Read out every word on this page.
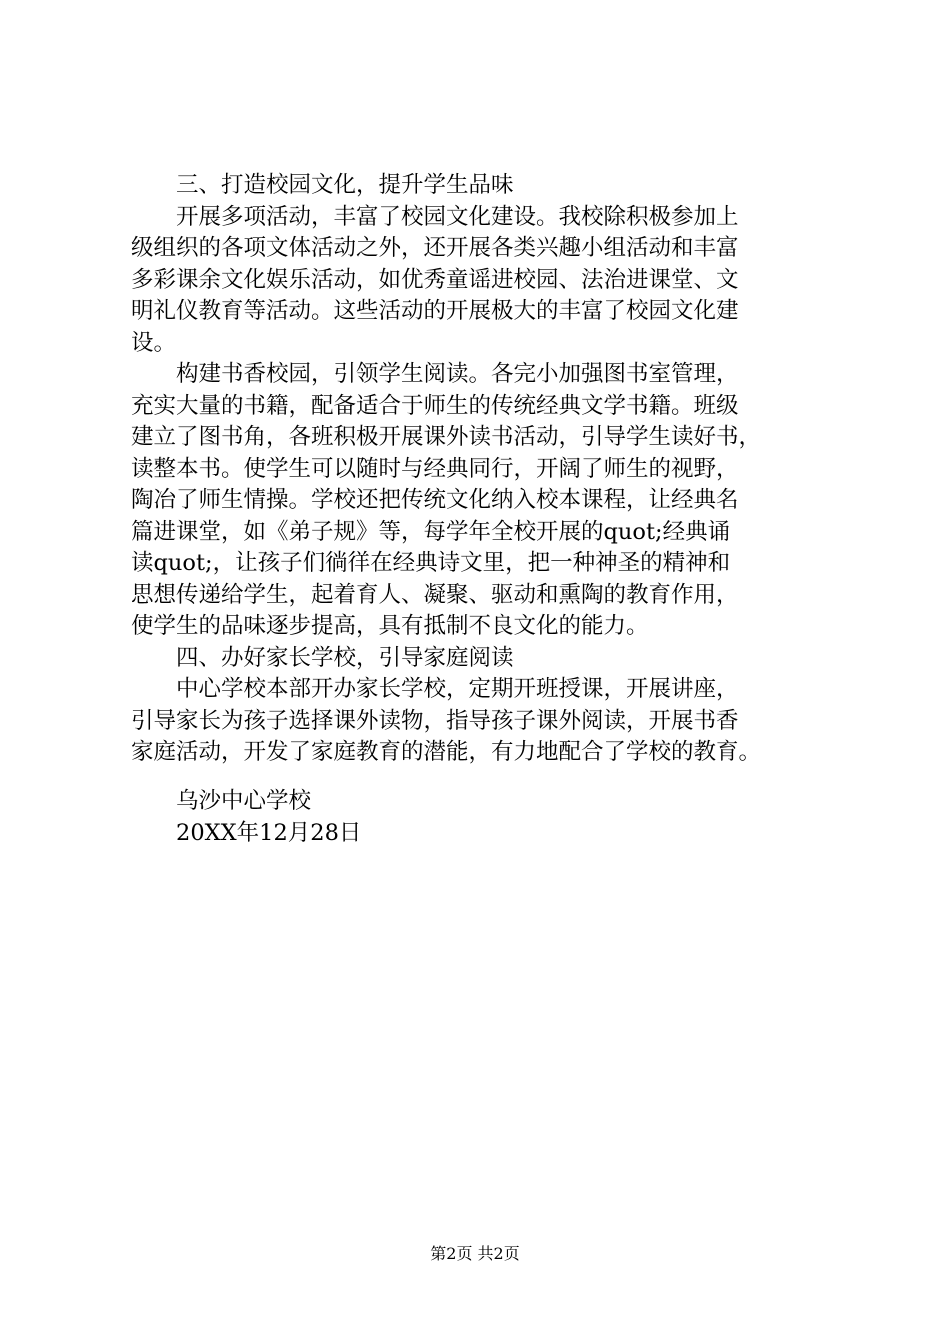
三、打造校园文化，提升学生品味
开展多项活动，丰富了校园文化建设。我校除积极参加上
级组织的各项文体活动之外，还开展各类兴趣小组活动和丰富
多彩课余文化娱乐活动，如优秀童谣进校园、法治进课堂、文
明礼仪教育等活动。这些活动的开展极大的丰富了校园文化建
设。
构建书香校园，引领学生阅读。各完小加强图书室管理，
充实大量的书籍，配备适合于师生的传统经典文学书籍。班级
建立了图书角，各班积极开展课外读书活动，引导学生读好书，
读整本书。使学生可以随时与经典同行，开阔了师生的视野，
陶冶了师生情操。学校还把传统文化纳入校本课程，让经典名
篇进课堂，如《弟子规》等，每学年全校开展的quot;经典诵
读quot;，让孩子们徜徉在经典诗文里，把一种神圣的精神和
思想传递给学生，起着育人、凝聚、驱动和熏陶的教育作用，
使学生的品味逐步提高，具有抵制不良文化的能力。
四、办好家长学校，引导家庭阅读
中心学校本部开办家长学校，定期开班授课，开展讲座，
引导家长为孩子选择课外读物，指导孩子课外阅读，开展书香
家庭活动，开发了家庭教育的潜能，有力地配合了学校的教育。
乌沙中心学校
20XX年12月28日
第2页 共2页
